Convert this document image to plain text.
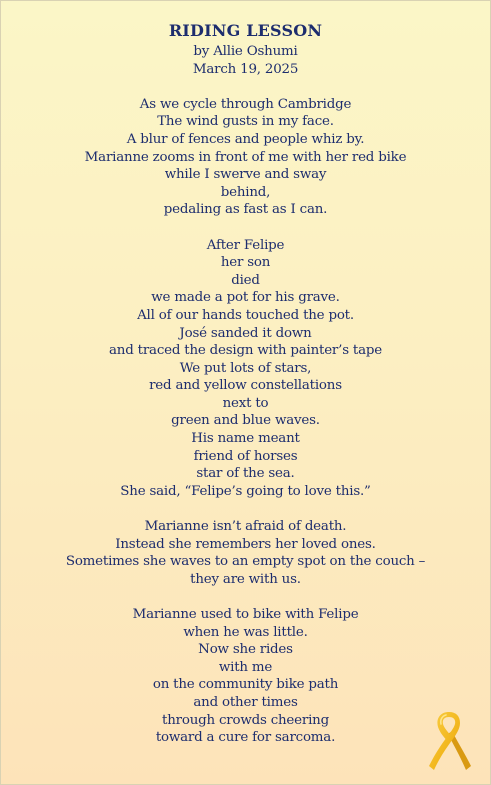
RIDING LESSON
by Allie Oshumi
March 19, 2025
As we cycle through Cambridge
The wind gusts in my face.
A blur of fences and people whiz by.
Marianne zooms in front of me with her red bike
while I swerve and sway
behind,
pedaling as fast as I can.
After Felipe
her son
died
we made a pot for his grave.
All of our hands touched the pot.
José sanded it down
and traced the design with painter’s tape
We put lots of stars,
red and yellow constellations
next to
green and blue waves.
His name meant
friend of horses
star of the sea.
She said, “Felipe’s going to love this.”
Marianne isn’t afraid of death.
Instead she remembers her loved ones.
Sometimes she waves to an empty spot on the couch –
they are with us.
Marianne used to bike with Felipe
when he was little.
Now she rides
with me
on the community bike path
and other times
through crowds cheering
toward a cure for sarcoma.
